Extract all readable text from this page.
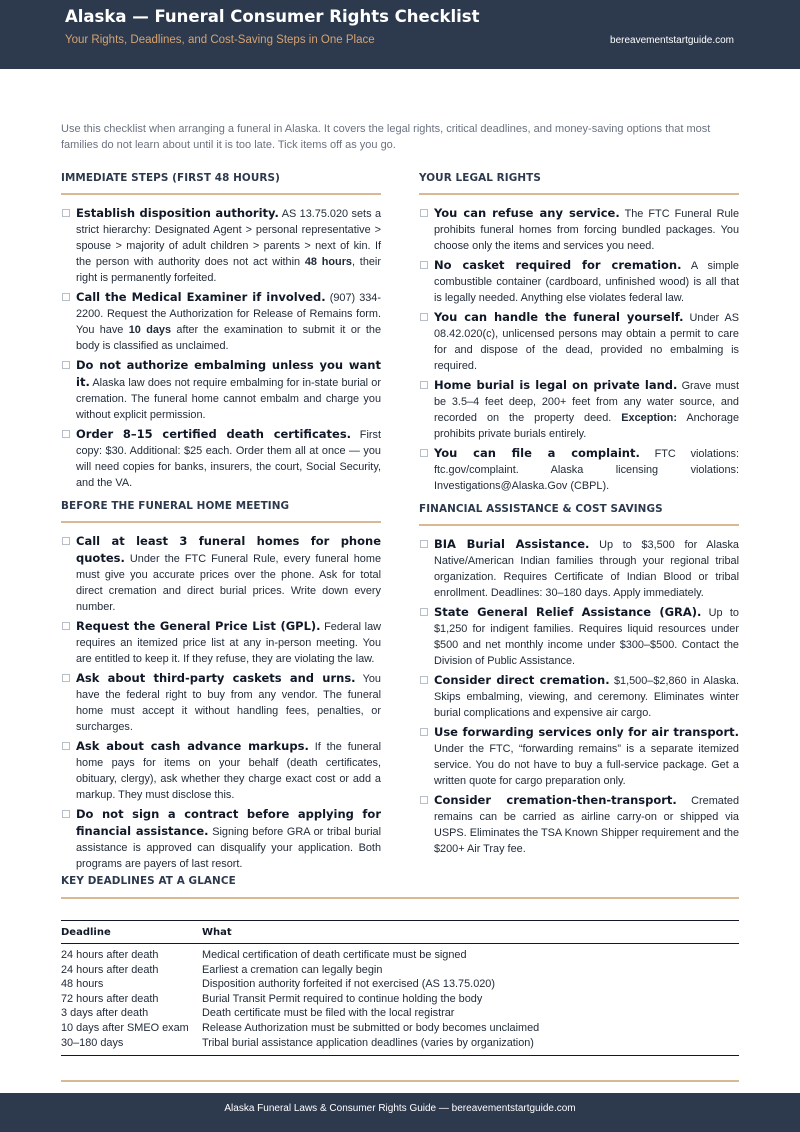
Alaska — Funeral Consumer Rights Checklist
Your Rights, Deadlines, and Cost-Saving Steps in One Place	bereavementstartguide.com

Use this checklist when arranging a funeral in Alaska. It covers the legal rights, critical deadlines, and money-saving options that most families do not learn about until it is too late. Tick items off as you go.

IMMEDIATE STEPS (FIRST 48 HOURS)
Establish disposition authority. AS 13.75.020 sets a strict hierarchy: Designated Agent > personal representative > spouse > majority of adult children > parents > next of kin. If the person with authority does not act within 48 hours, their right is permanently forfeited.
Call the Medical Examiner if involved. (907) 334-2200. Request the Authorization for Release of Remains form. You have 10 days after the examination to submit it or the body is classified as unclaimed.
Do not authorize embalming unless you want it. Alaska law does not require embalming for in-state burial or cremation. The funeral home cannot embalm and charge you without explicit permission.
Order 8–15 certified death certificates. First copy: $30. Additional: $25 each. Order them all at once — you will need copies for banks, insurers, the court, Social Security, and the VA.
BEFORE THE FUNERAL HOME MEETING
Call at least 3 funeral homes for phone quotes. Under the FTC Funeral Rule, every funeral home must give you accurate prices over the phone. Ask for total direct cremation and direct burial prices. Write down every number.
Request the General Price List (GPL). Federal law requires an itemized price list at any in-person meeting. You are entitled to keep it. If they refuse, they are violating the law.
Ask about third-party caskets and urns. You have the federal right to buy from any vendor. The funeral home must accept it without handling fees, penalties, or surcharges.
Ask about cash advance markups. If the funeral home pays for items on your behalf (death certificates, obituary, clergy), ask whether they charge exact cost or add a markup. They must disclose this.
Do not sign a contract before applying for financial assistance. Signing before GRA or tribal burial assistance is approved can disqualify your application. Both programs are payers of last resort.
YOUR LEGAL RIGHTS
You can refuse any service. The FTC Funeral Rule prohibits funeral homes from forcing bundled packages. You choose only the items and services you need.
No casket required for cremation. A simple combustible container (cardboard, unfinished wood) is all that is legally needed. Anything else violates federal law.
You can handle the funeral yourself. Under AS 08.42.020(c), unlicensed persons may obtain a permit to care for and dispose of the dead, provided no embalming is required.
Home burial is legal on private land. Grave must be 3.5–4 feet deep, 200+ feet from any water source, and recorded on the property deed. Exception: Anchorage prohibits private burials entirely.
You can file a complaint. FTC violations: ftc.gov/complaint. Alaska licensing violations: Investigations@Alaska.Gov (CBPL).
FINANCIAL ASSISTANCE & COST SAVINGS
BIA Burial Assistance. Up to $3,500 for Alaska Native/American Indian families through your regional tribal organization. Requires Certificate of Indian Blood or tribal enrollment. Deadlines: 30–180 days. Apply immediately.
State General Relief Assistance (GRA). Up to $1,250 for indigent families. Requires liquid resources under $500 and net monthly income under $300–$500. Contact the Division of Public Assistance.
Consider direct cremation. $1,500–$2,860 in Alaska. Skips embalming, viewing, and ceremony. Eliminates winter burial complications and expensive air cargo.
Use forwarding services only for air transport. Under the FTC, “forwarding remains” is a separate itemized service. You do not have to buy a full-service package. Get a written quote for cargo preparation only.
Consider cremation-then-transport. Cremated remains can be carried as airline carry-on or shipped via USPS. Eliminates the TSA Known Shipper requirement and the $200+ Air Tray fee.
KEY DEADLINES AT A GLANCE
Deadline	What
24 hours after death	Medical certification of death certificate must be signed
24 hours after death	Earliest a cremation can legally begin
48 hours	Disposition authority forfeited if not exercised (AS 13.75.020)
72 hours after death	Burial Transit Permit required to continue holding the body
3 days after death	Death certificate must be filed with the local registrar
10 days after SMEO exam	Release Authorization must be submitted or body becomes unclaimed
30–180 days	Tribal burial assistance application deadlines (varies by organization)
Alaska Funeral Laws & Consumer Rights Guide — bereavementstartguide.com
